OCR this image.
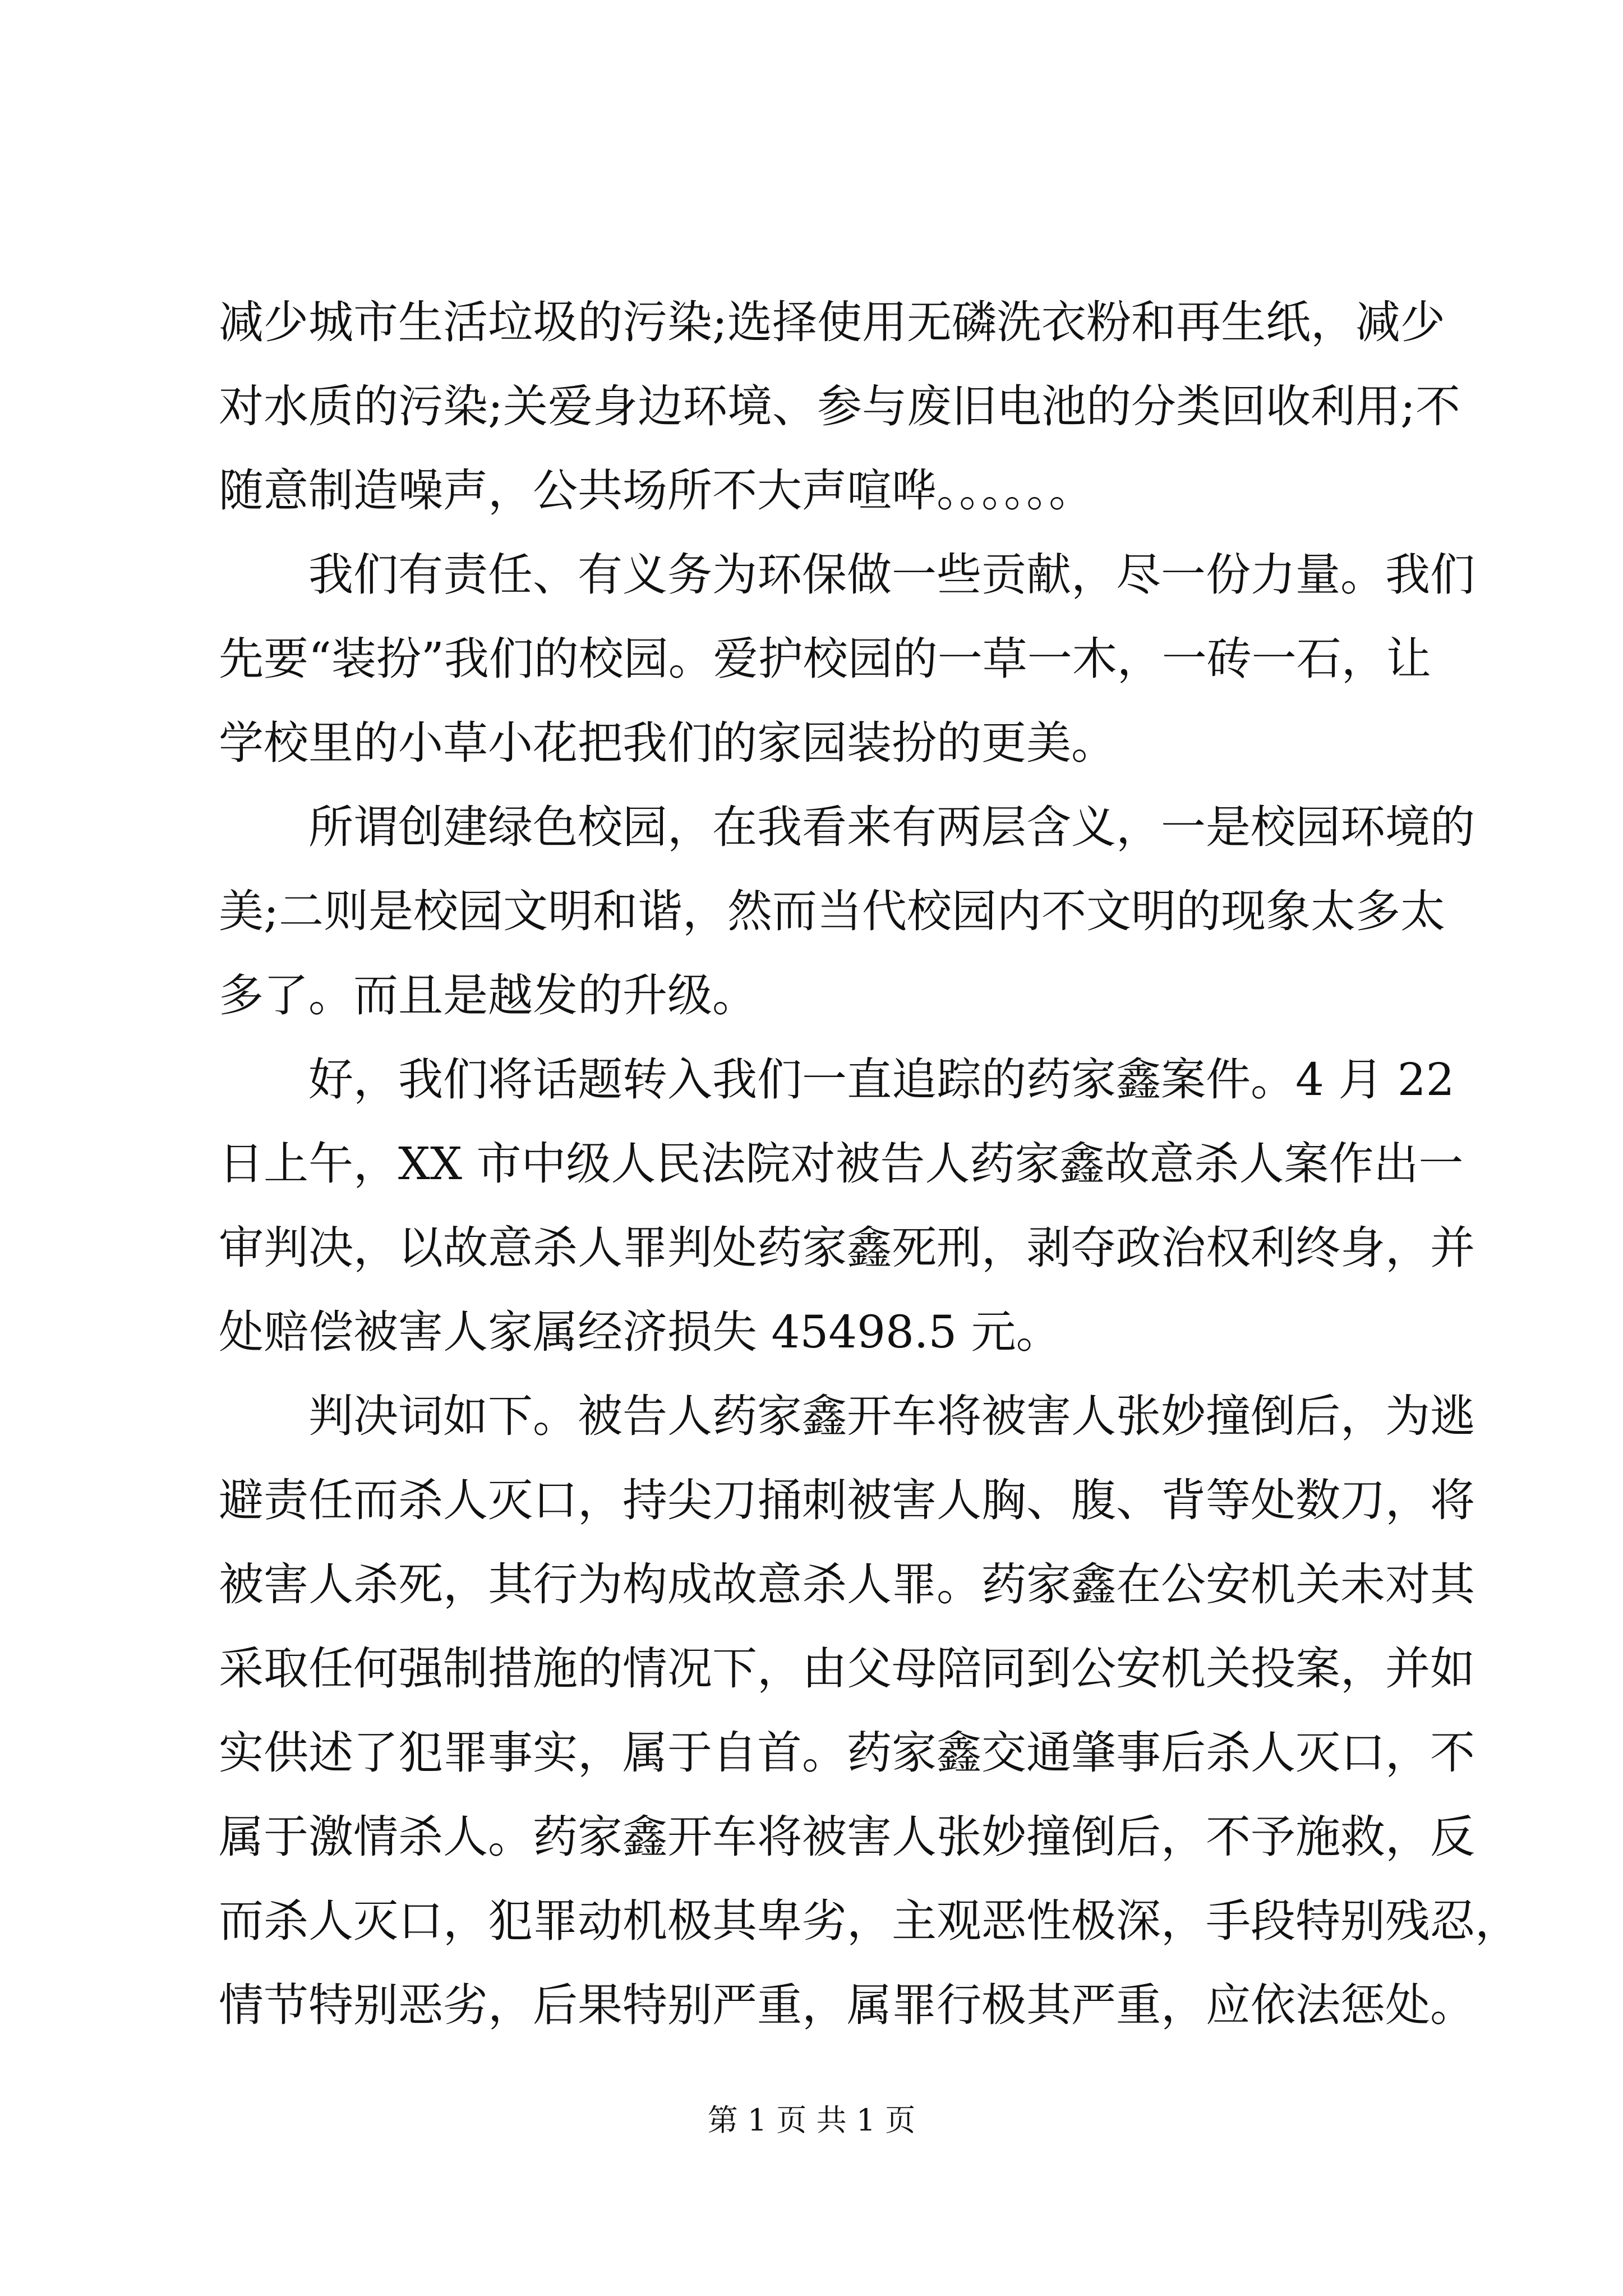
减少城市生活垃圾的污染;选择使用无磷洗衣粉和再生纸，减少
对水质的污染;关爱身边环境、参与废旧电池的分类回收利用;不
随意制造噪声，公共场所不大声喧哗。。。。。。
我们有责任、有义务为环保做一些贡献，尽一份力量。我们
先要“装扮”我们的校园。爱护校园的一草一木，一砖一石，让
学校里的小草小花把我们的家园装扮的更美。
所谓创建绿色校园，在我看来有两层含义，一是校园环境的
美;二则是校园文明和谐，然而当代校园内不文明的现象太多太
多了。而且是越发的升级。
好，我们将话题转入我们一直追踪的药家鑫案件。4 月 22
日上午，XX 市中级人民法院对被告人药家鑫故意杀人案作出一
审判决，以故意杀人罪判处药家鑫死刑，剥夺政治权利终身，并
处赔偿被害人家属经济损失 45498.5 元。
判决词如下。被告人药家鑫开车将被害人张妙撞倒后，为逃
避责任而杀人灭口，持尖刀捅刺被害人胸、腹、背等处数刀，将
被害人杀死，其行为构成故意杀人罪。药家鑫在公安机关未对其
采取任何强制措施的情况下，由父母陪同到公安机关投案，并如
实供述了犯罪事实，属于自首。药家鑫交通肇事后杀人灭口，不
属于激情杀人。药家鑫开车将被害人张妙撞倒后，不予施救，反
而杀人灭口，犯罪动机极其卑劣，主观恶性极深，手段特别残忍，
情节特别恶劣，后果特别严重，属罪行极其严重，应依法惩处。
第 1 页 共 1 页
